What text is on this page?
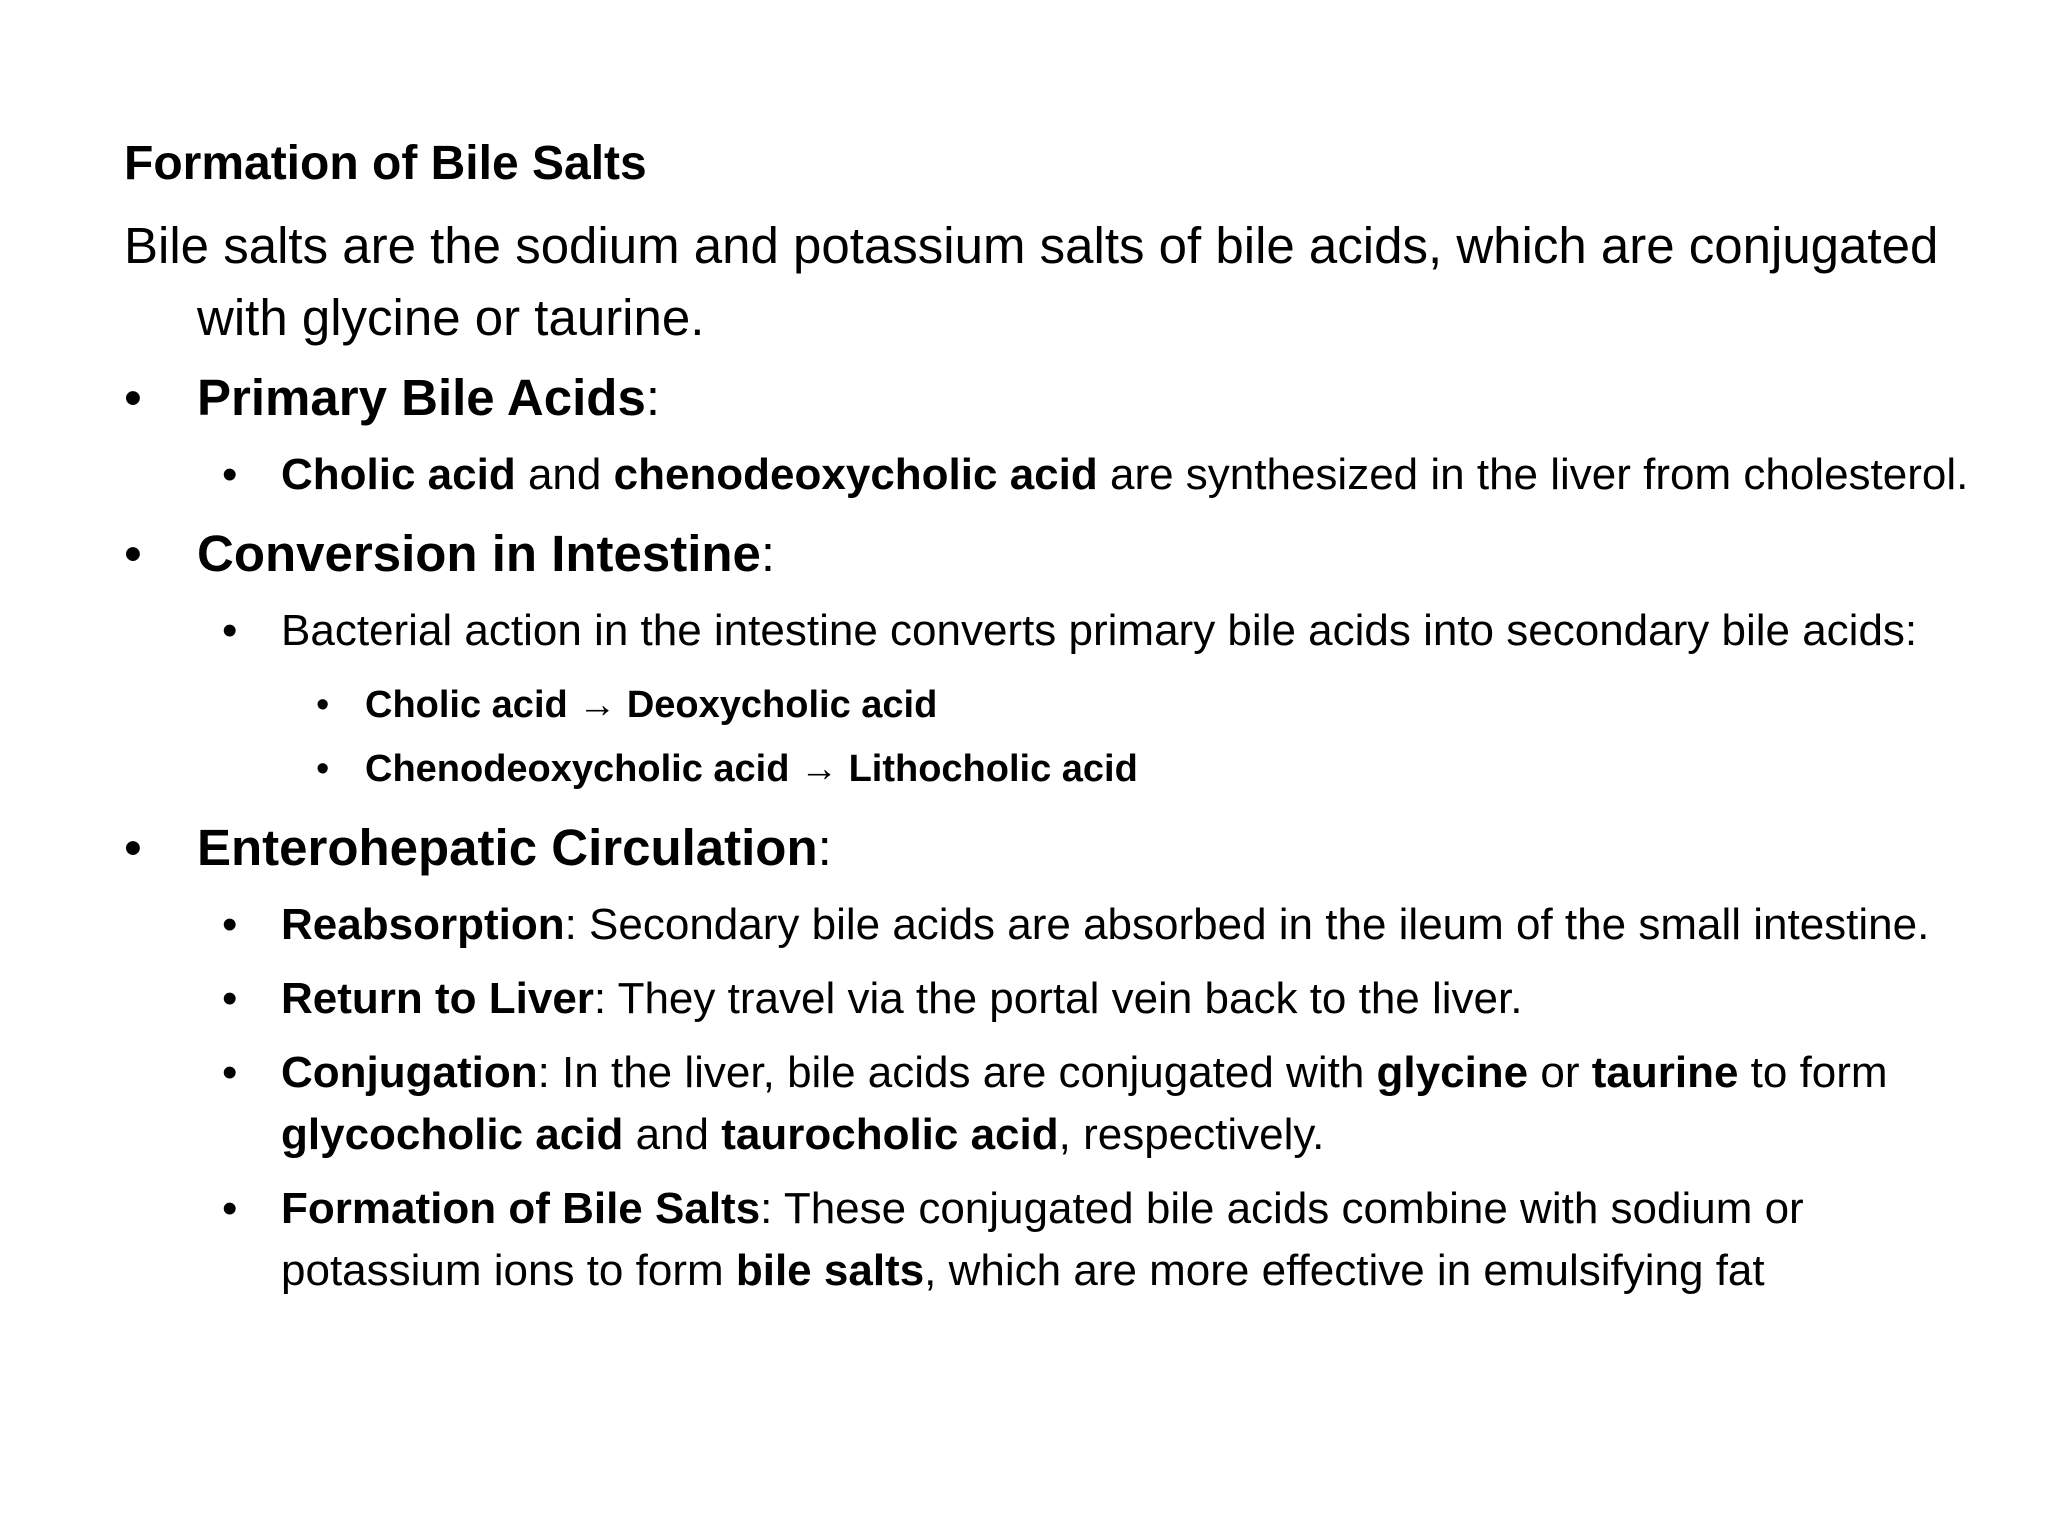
Formation of Bile Salts

Bile salts are the sodium and potassium salts of bile acids, which are conjugated with glycine or taurine.

• Primary Bile Acids:
• Cholic acid and chenodeoxycholic acid are synthesized in the liver from cholesterol.
• Conversion in Intestine:
• Bacterial action in the intestine converts primary bile acids into secondary bile acids:
• Cholic acid → Deoxycholic acid
• Chenodeoxycholic acid → Lithocholic acid
• Enterohepatic Circulation:
• Reabsorption: Secondary bile acids are absorbed in the ileum of the small intestine.
• Return to Liver: They travel via the portal vein back to the liver.
• Conjugation: In the liver, bile acids are conjugated with glycine or taurine to form glycocholic acid and taurocholic acid, respectively.
• Formation of Bile Salts: These conjugated bile acids combine with sodium or potassium ions to form bile salts, which are more effective in emulsifying fat
